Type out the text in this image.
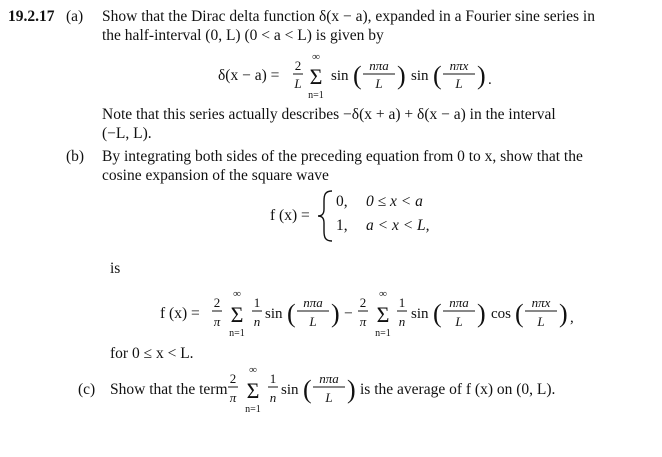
19.2.17 (a) Show that the Dirac delta function δ(x − a), expanded in a Fourier sine series in
the half-interval (0, L) (0 < a < L) is given by
δ(x − a) =
2
L
∞
Σ
n=1
sin ( nπa
L ) sin ( nπx
L ) .
Note that this series actually describes −δ(x + a) + δ(x − a) in the interval
(−L, L).
(b) By integrating both sides of the preceding equation from 0 to x, show that the
cosine expansion of the square wave
f (x) =
0, 0 ≤ x < a
1, a < x < L,
is
f (x) =
2
π
∞
Σ
n=1
1
n sin ( nπa
L ) −
2
π
∞
Σ
n=1
1
n sin ( nπa
L ) cos ( nπx
L ) ,
for 0 ≤ x < L.
(c) Show that the term
2
π
∞
Σ
n=1
1
n sin ( nπa
L ) is the average of f (x) on (0, L).
